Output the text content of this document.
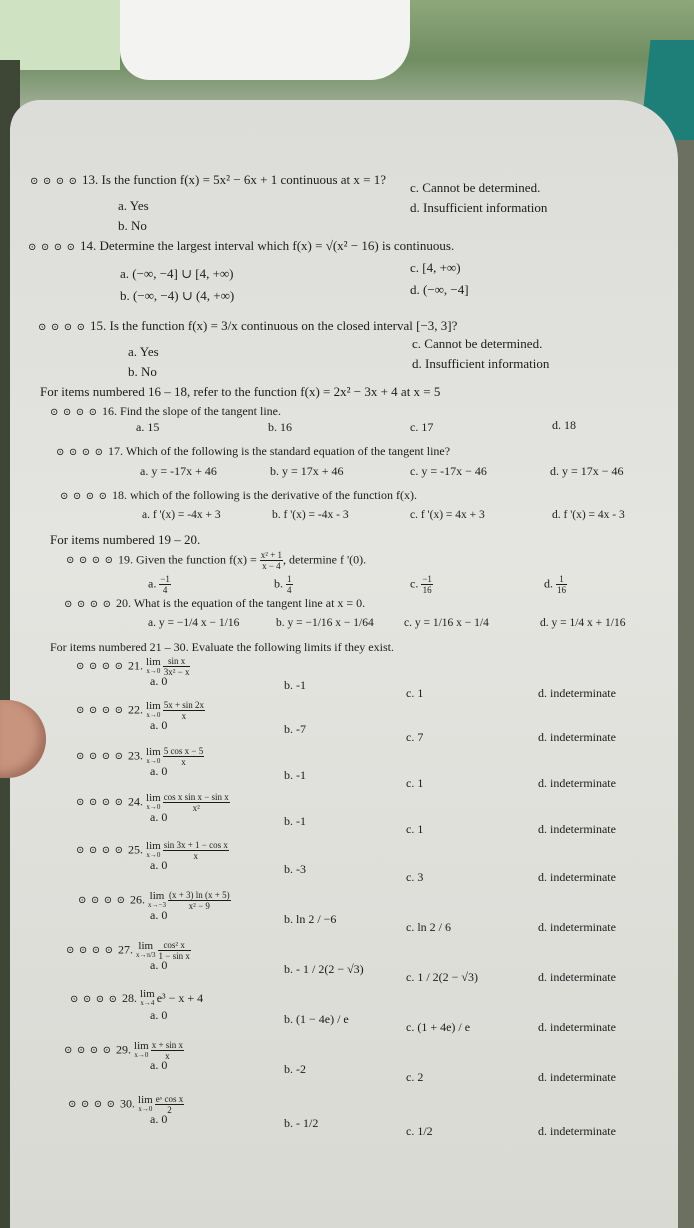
⊙ ⊙ ⊙ ⊙ 13. Is the function f(x) = 5x² − 6x + 1 continuous at x = 1?
a. Yes
b. No
c. Cannot be determined.
d. Insufficient information
⊙ ⊙ ⊙ ⊙ 14. Determine the largest interval which f(x) = √(x² − 16) is continuous.
a. (−∞, −4] ∪ [4, +∞)
b. (−∞, −4) ∪ (4, +∞)
c. [4, +∞)
d. (−∞, −4]
⊙ ⊙ ⊙ ⊙ 15. Is the function f(x) = 3/x continuous on the closed interval [−3, 3]?
a. Yes
b. No
c. Cannot be determined.
d. Insufficient information
For items numbered 16 – 18, refer to the function f(x) = 2x² − 3x + 4 at x = 5
⊙ ⊙ ⊙ ⊙ 16. Find the slope of the tangent line.
a. 15	b. 16	c. 17	d. 18
⊙ ⊙ ⊙ ⊙ 17. Which of the following is the standard equation of the tangent line?
a. y = -17x + 46	b. y = 17x + 46	c. y = -17x − 46	d. y = 17x − 46
⊙ ⊙ ⊙ ⊙ 18. which of the following is the derivative of the function f(x).
a. f '(x) = -4x + 3	b. f '(x) = -4x - 3	c. f '(x) = 4x + 3	d. f '(x) = 4x - 3
For items numbered 19 – 20.
⊙ ⊙ ⊙ ⊙ 19. Given the function $f(x) = \frac{\text{x² + 1}}{x - 4}$ , determine f '(0).
a. $\frac{-1}{4}$	b. $\frac{1}{4}$	c. $\frac{-1}{16}$	d. $\frac{1}{16}$
⊙ ⊙ ⊙ ⊙ 20. What is the equation of the tangent line at x = 0.
a. y = −1/4 x − 1/16	b. y = −1/16 x − 1/64	c. y = 1/16 x − 1/4	d. y = 1/4 x + 1/16
For items numbered 21 – 30. Evaluate the following limits if they exist.
⊙ ⊙ ⊙ ⊙ 21. lim
$x\to 0 \frac{\text{sin x}}{\text{3x² − x}}$
a. 0	b. -1
c. 1	d. indeterminate
⊙ ⊙ ⊙ ⊙ 22. lim
$x\to 0 \frac{5x + \sin 2x}{x}$
a. 0	b. -7
c. 7	d. indeterminate
⊙ ⊙ ⊙ ⊙ 23. lim
$x\to 0 \frac{\text{5 cos x − 5}}{x}$
a. 0	b. -1
c. 1	d. indeterminate
⊙ ⊙ ⊙ ⊙ 24. lim
$x\to 0 \frac{\text{cos x sin x − sin x}}{\text{x²}}$
a. 0	b. -1
c. 1	d. indeterminate
⊙ ⊙ ⊙ ⊙ 25. lim
$x\to 0 \frac{\text{sin 3x + 1 − cos x}}{x}$
a. 0	b. -3
c. 3	d. indeterminate
⊙ ⊙ ⊙ ⊙ 26. lim
$x\to-3 \frac{(x + 3) \ln (x + 5)}{\text{x² − 9}}$
a. 0	b. ln 2 / −6
c. ln 2 / 6	d. indeterminate
⊙ ⊙ ⊙ ⊙ 27. lim
$x\to\pi/3 \frac{\text{cos² x}}{\text{1 − sin x}}$
a. 0	b. - 1 / 2(2 − √3)
c. 1 / 2(2 − √3)	d. indeterminate
⊙ ⊙ ⊙ ⊙ 28. lim
x→4 e³ − x + 4
a. 0	b. (1 − 4e) / e
c. (1 + 4e) / e	d. indeterminate
⊙ ⊙ ⊙ ⊙ 29. lim
$x\to 0 \frac{\text{x + sin x}}{x}$
a. 0	b. -2
c. 2	d. indeterminate
⊙ ⊙ ⊙ ⊙ 30. lim
$x\to 0 \frac{\text{eˣ cos x}}{2}$
a. 0	b. - 1/2
c. 1/2	d. indeterminate
